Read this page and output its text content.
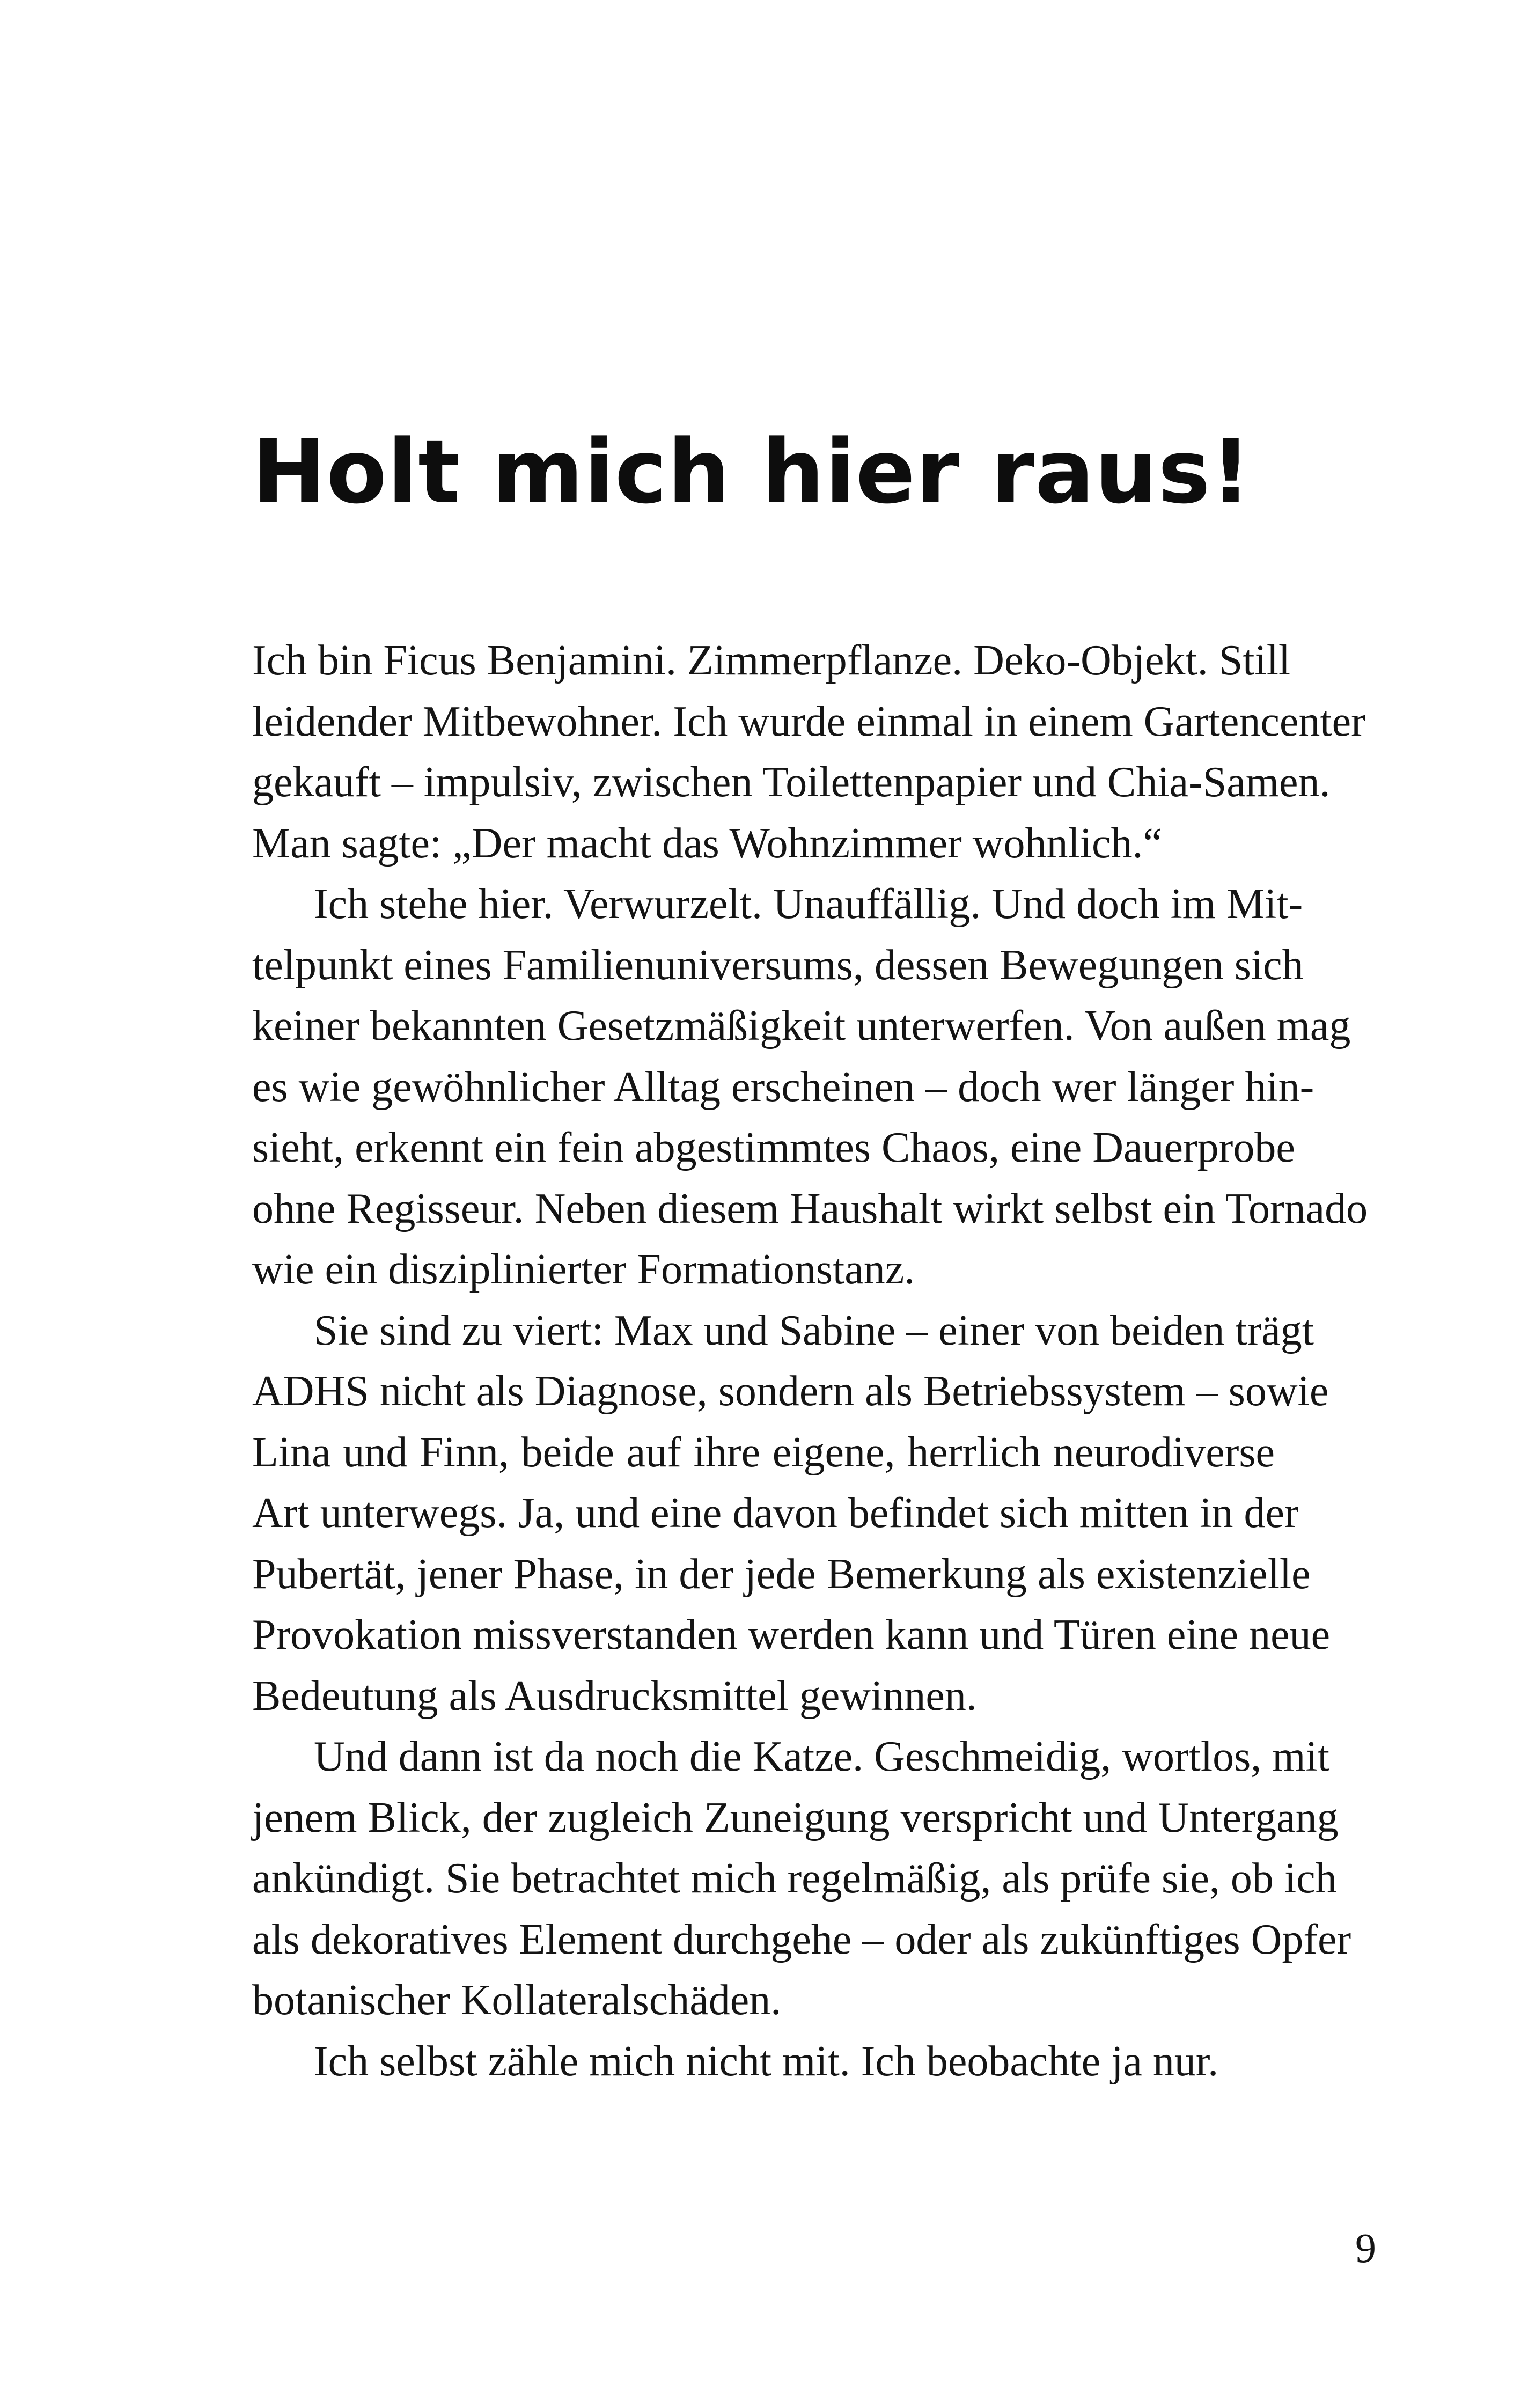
Holt mich hier raus!

Ich bin Ficus Benjamini. Zimmerpflanze. Deko-Objekt. Still
leidender Mitbewohner. Ich wurde einmal in einem Gartencenter
gekauft – impulsiv, zwischen Toilettenpapier und Chia-Samen.
Man sagte: „Der macht das Wohnzimmer wohnlich.“

Ich stehe hier. Verwurzelt. Unauffällig. Und doch im Mit-
telpunkt eines Familienuniversums, dessen Bewegungen sich
keiner bekannten Gesetzmäßigkeit unterwerfen. Von außen mag
es wie gewöhnlicher Alltag erscheinen – doch wer länger hin-
sieht, erkennt ein fein abgestimmtes Chaos, eine Dauerprobe
ohne Regisseur. Neben diesem Haushalt wirkt selbst ein Tornado
wie ein disziplinierter Formationstanz.

Sie sind zu viert: Max und Sabine – einer von beiden trägt
ADHS nicht als Diagnose, sondern als Betriebssystem – sowie
Lina und Finn, beide auf ihre eigene, herrlich neurodiverse
Art unterwegs. Ja, und eine davon befindet sich mitten in der
Pubertät, jener Phase, in der jede Bemerkung als existenzielle
Provokation missverstanden werden kann und Türen eine neue
Bedeutung als Ausdrucksmittel gewinnen.

Und dann ist da noch die Katze. Geschmeidig, wortlos, mit
jenem Blick, der zugleich Zuneigung verspricht und Untergang
ankündigt. Sie betrachtet mich regelmäßig, als prüfe sie, ob ich
als dekoratives Element durchgehe – oder als zukünftiges Opfer
botanischer Kollateralschäden.

Ich selbst zähle mich nicht mit. Ich beobachte ja nur.

9
